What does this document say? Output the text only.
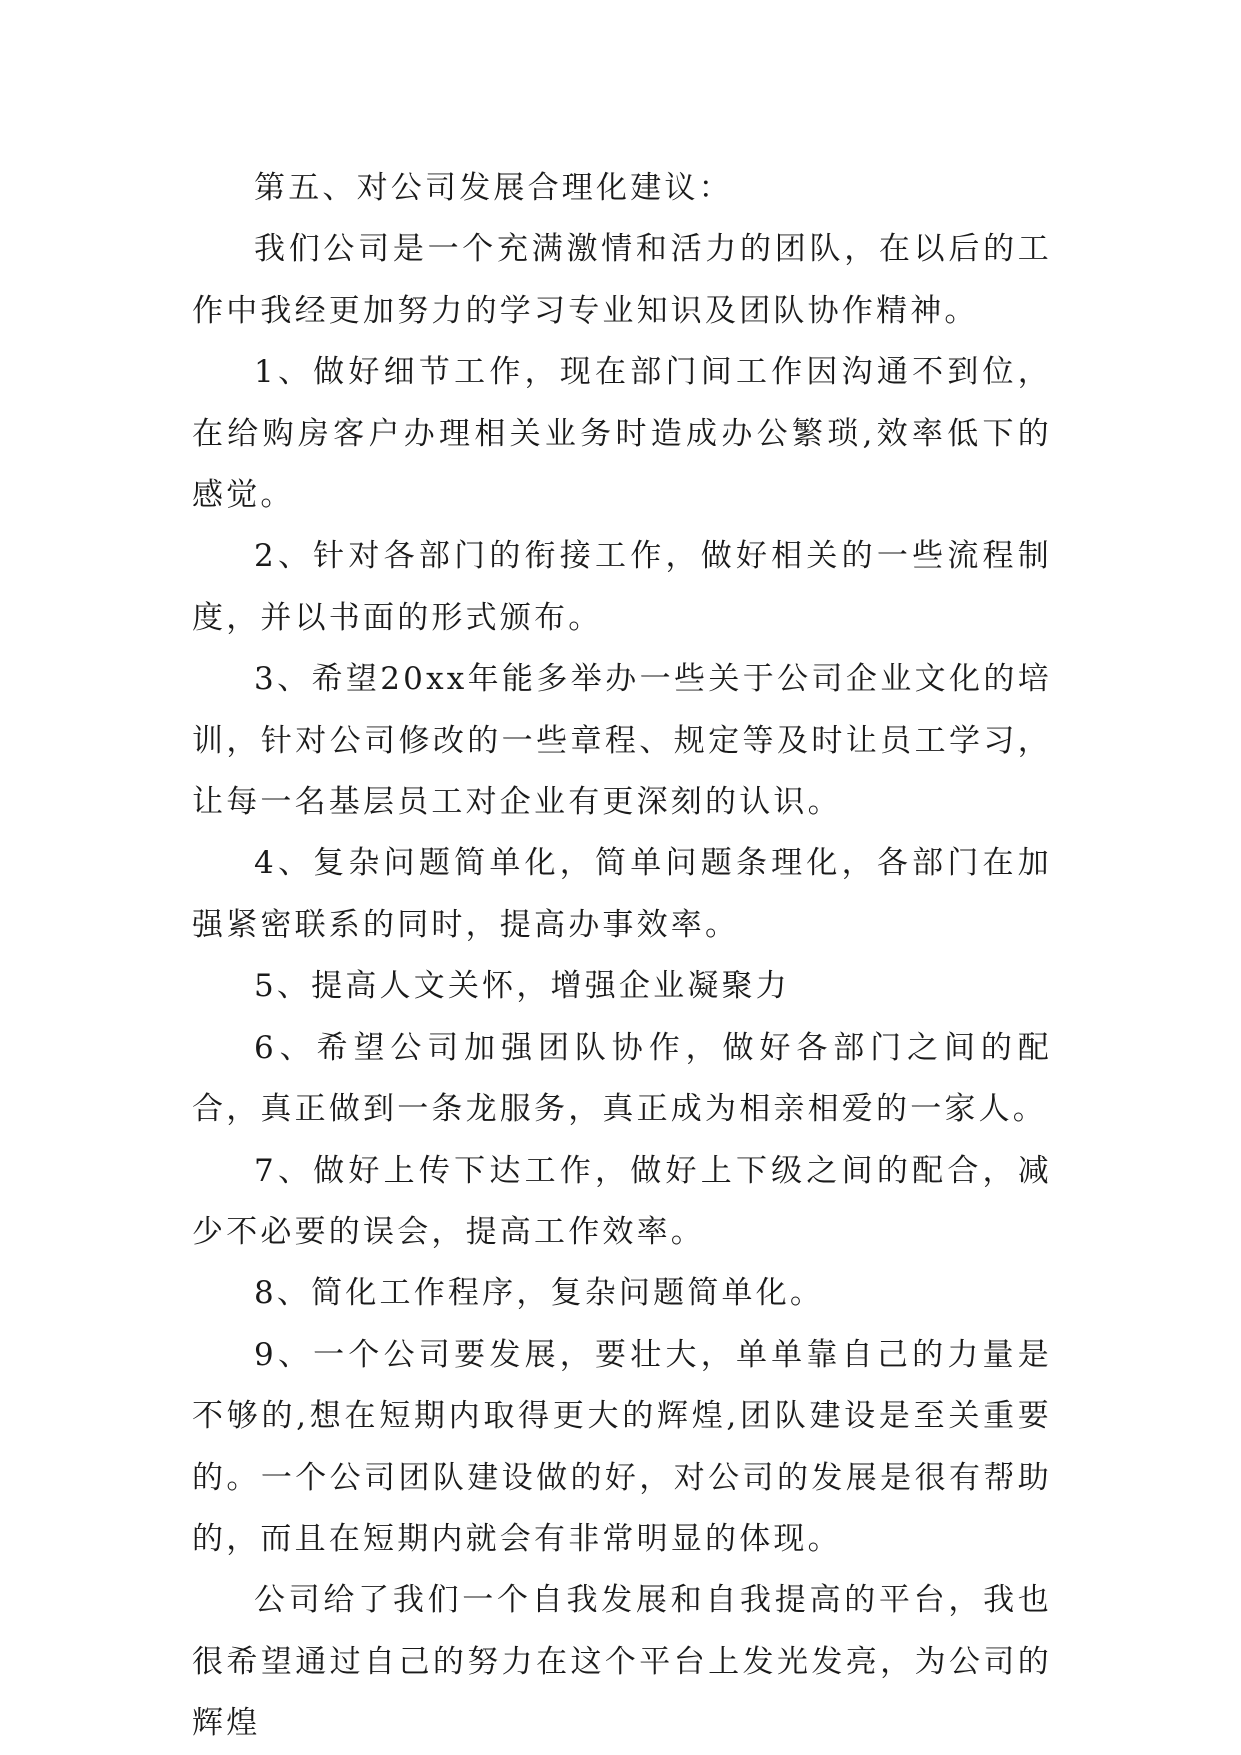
第五、对公司发展合理化建议：

我们公司是一个充满激情和活力的团队，在以后的工作中我经更加努力的学习专业知识及团队协作精神。

1、做好细节工作，现在部门间工作因沟通不到位，在给购房客户办理相关业务时造成办公繁琐,效率低下的感觉。

2、针对各部门的衔接工作，做好相关的一些流程制度，并以书面的形式颁布。

3、希望20xx年能多举办一些关于公司企业文化的培训，针对公司修改的一些章程、规定等及时让员工学习，让每一名基层员工对企业有更深刻的认识。

4、复杂问题简单化，简单问题条理化，各部门在加强紧密联系的同时，提高办事效率。

5、提高人文关怀，增强企业凝聚力

6、希望公司加强团队协作，做好各部门之间的配合，真正做到一条龙服务，真正成为相亲相爱的一家人。

7、做好上传下达工作，做好上下级之间的配合，减少不必要的误会，提高工作效率。

8、简化工作程序，复杂问题简单化。

9、一个公司要发展，要壮大，单单靠自己的力量是不够的,想在短期内取得更大的辉煌,团队建设是至关重要的。一个公司团队建设做的好，对公司的发展是很有帮助的，而且在短期内就会有非常明显的体现。

公司给了我们一个自我发展和自我提高的平台，我也很希望通过自己的努力在这个平台上发光发亮，为公司的辉煌
